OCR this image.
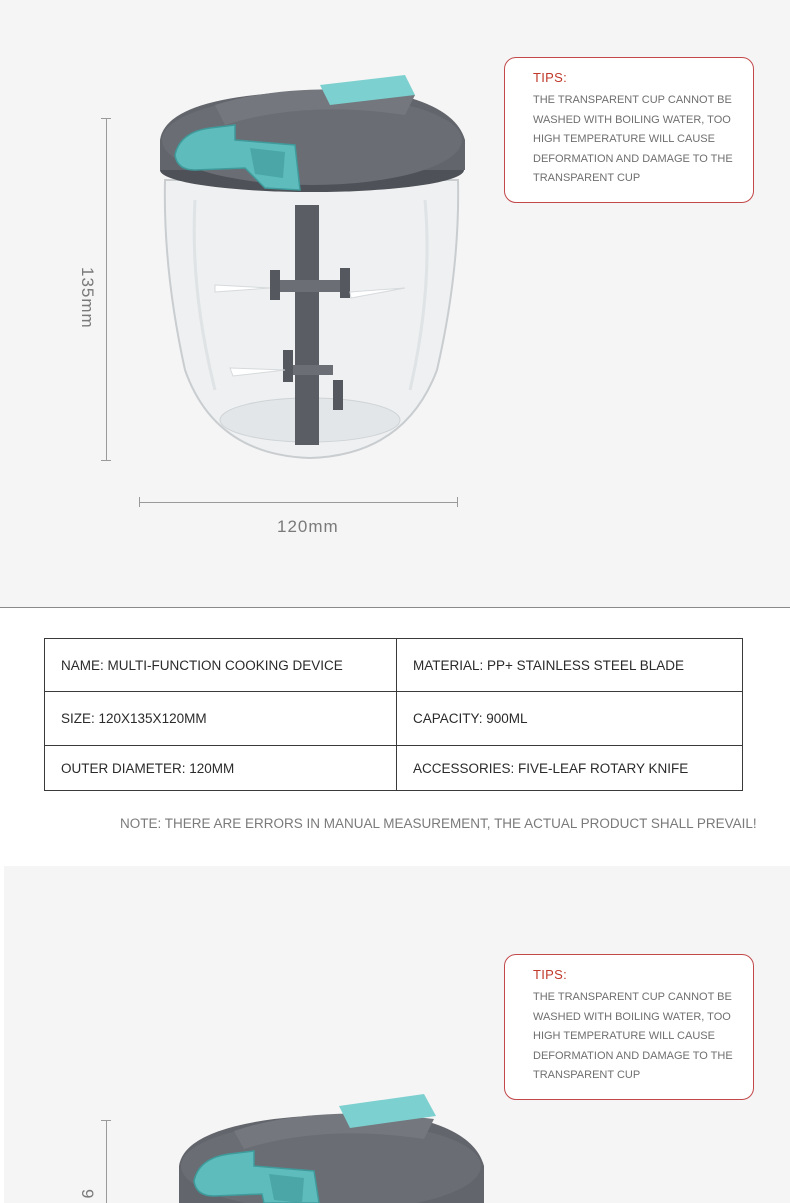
135mm
120mm
TIPS:
THE TRANSPARENT CUP CANNOT BE WASHED WITH BOILING WATER, TOO HIGH TEMPERATURE WILL CAUSE DEFORMATION AND DAMAGE TO THE TRANSPARENT CUP
NAME: MULTI-FUNCTION COOKING DEVICE	MATERIAL: PP+ STAINLESS STEEL BLADE
SIZE: 120X135X120MM	CAPACITY: 900ML
OUTER DIAMETER: 120MM	ACCESSORIES: FIVE-LEAF ROTARY KNIFE
NOTE: THERE ARE ERRORS IN MANUAL MEASUREMENT, THE ACTUAL PRODUCT SHALL PREVAIL!
TIPS:
THE TRANSPARENT CUP CANNOT BE WASHED WITH BOILING WATER, TOO HIGH TEMPERATURE WILL CAUSE DEFORMATION AND DAMAGE TO THE TRANSPARENT CUP
9
